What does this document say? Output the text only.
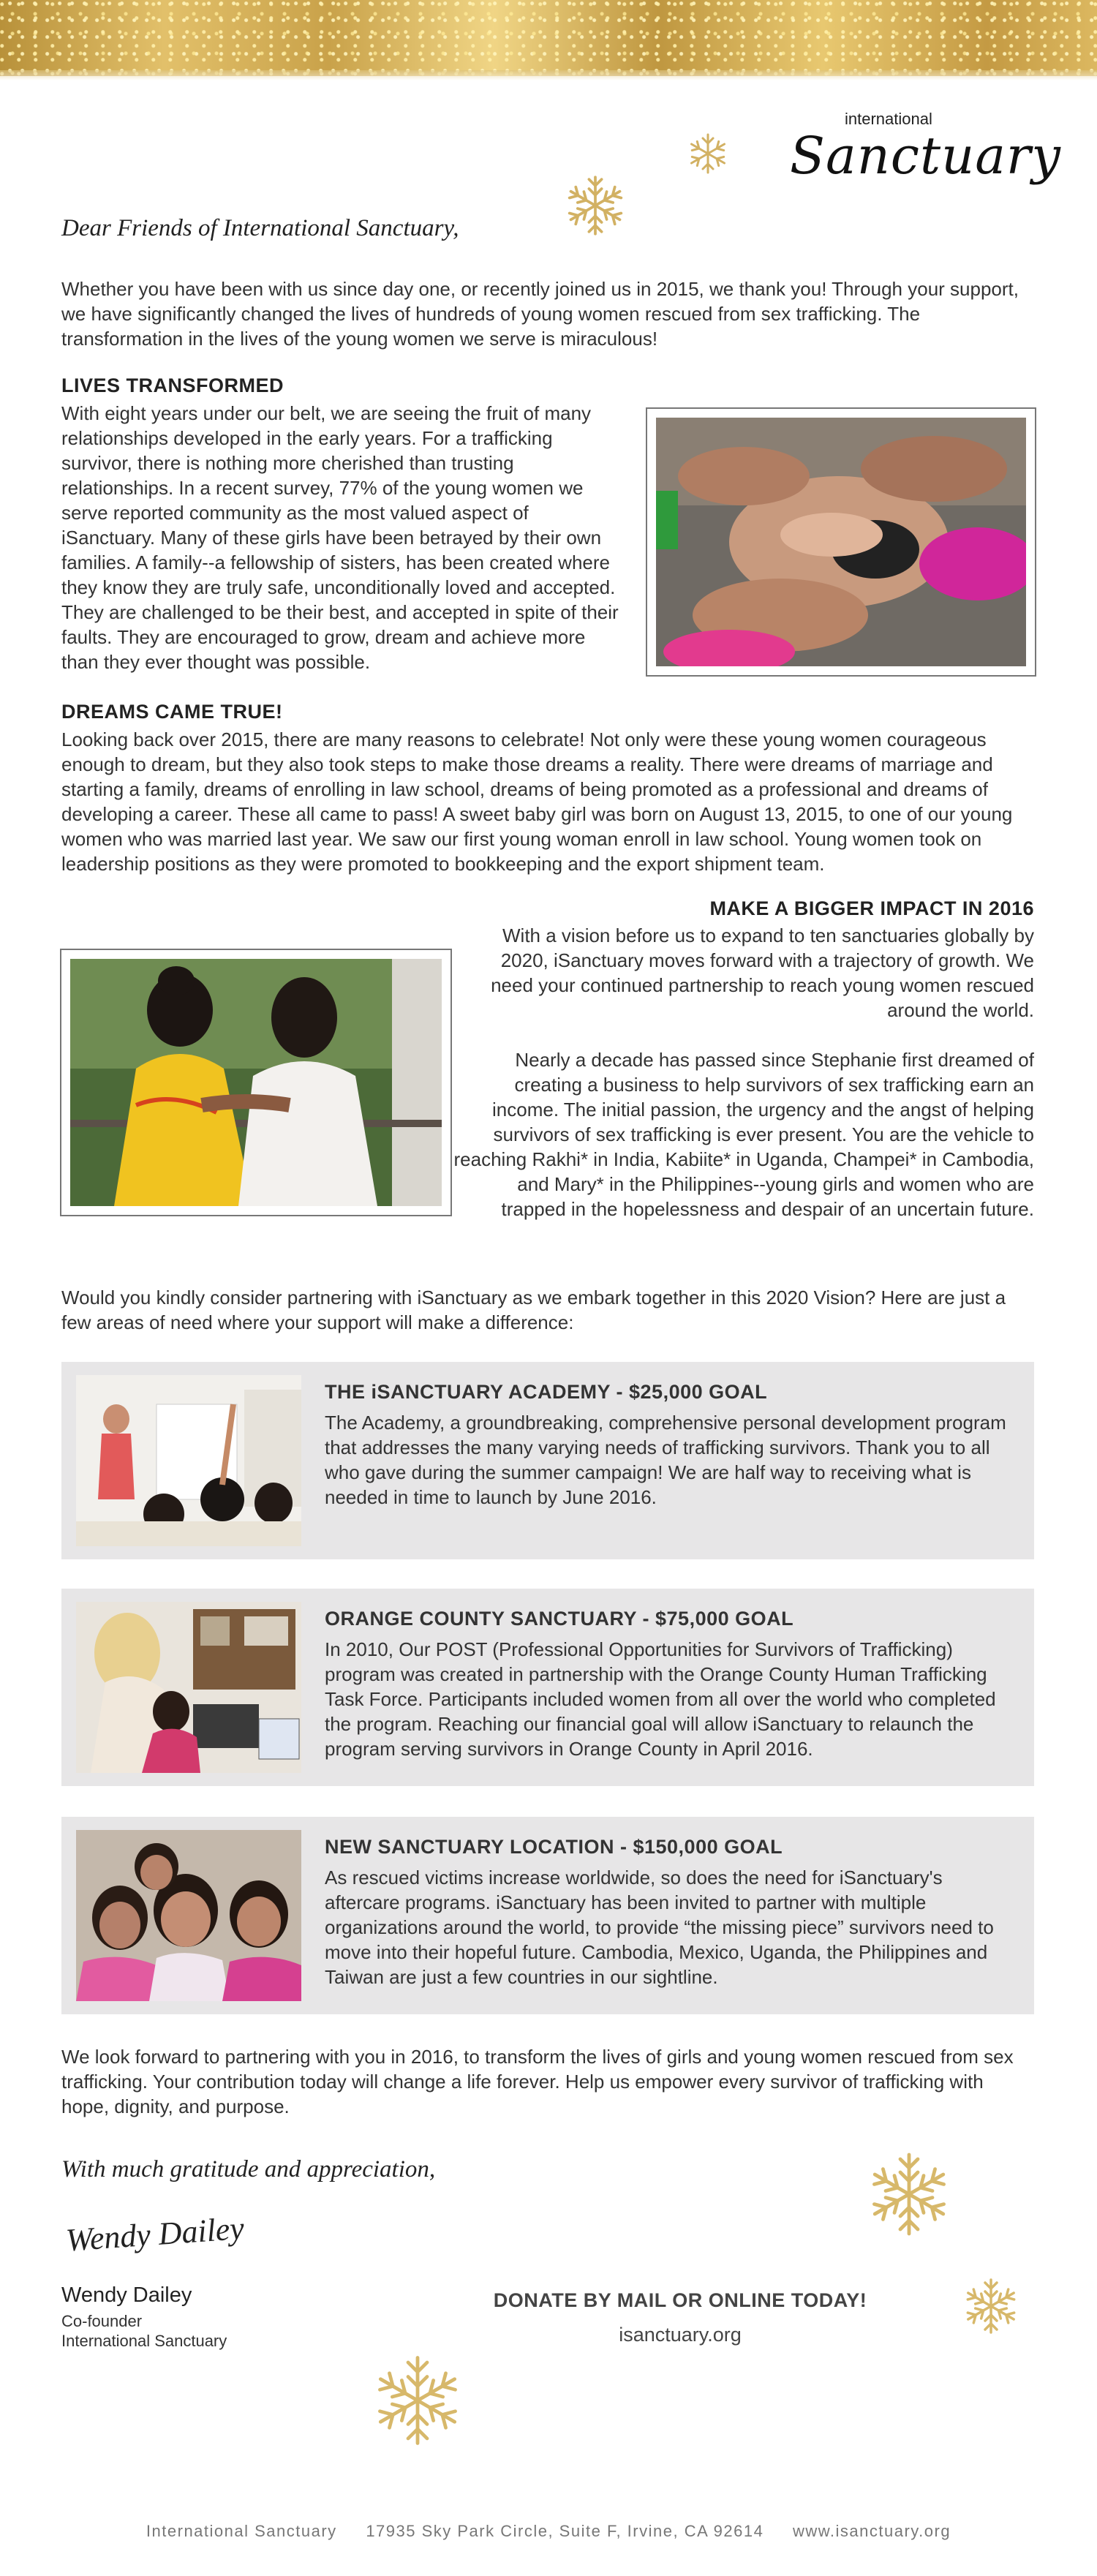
international
Sanctuary
Dear Friends of International Sanctuary,

Whether you have been with us since day one, or recently joined us in 2015, we thank you! Through your support, we have significantly changed the lives of hundreds of young women rescued from sex trafficking. The transformation in the lives of the young women we serve is miraculous!

LIVES TRANSFORMED

With eight years under our belt, we are seeing the fruit of many relationships developed in the early years. For a trafficking survivor, there is nothing more cherished than trusting relationships. In a recent survey, 77% of the young women we serve reported community as the most valued aspect of iSanctuary. Many of these girls have been betrayed by their own families. A family--a fellowship of sisters, has been created where they know they are truly safe, unconditionally loved and accepted. They are challenged to be their best, and accepted in spite of their faults. They are encouraged to grow, dream and achieve more than they ever thought was possible.

DREAMS CAME TRUE!

Looking back over 2015, there are many reasons to celebrate! Not only were these young women courageous enough to dream, but they also took steps to make those dreams a reality. There were dreams of marriage and starting a family, dreams of enrolling in law school, dreams of being promoted as a professional and dreams of developing a career. These all came to pass! A sweet baby girl was born on August 13, 2015, to one of our young women who was married last year. We saw our first young woman enroll in law school. Young women took on leadership positions as they were promoted to bookkeeping and the export shipment team.

MAKE A BIGGER IMPACT IN 2016

With a vision before us to expand to ten sanctuaries globally by 2020, iSanctuary moves forward with a trajectory of growth. We need your continued partnership to reach young women rescued around the world.

Nearly a decade has passed since Stephanie first dreamed of creating a business to help survivors of sex trafficking earn an income. The initial passion, the urgency and the angst of helping survivors of sex trafficking is ever present. You are the vehicle to reaching Rakhi* in India, Kabiite* in Uganda, Champei* in Cambodia, and Mary* in the Philippines--young girls and women who are trapped in the hopelessness and despair of an uncertain future.

Would you kindly consider partnering with iSanctuary as we embark together in this 2020 Vision? Here are just a few areas of need where your support will make a difference:

THE iSANCTUARY ACADEMY - $25,000 GOAL

The Academy, a groundbreaking, comprehensive personal development program that addresses the many varying needs of trafficking survivors. Thank you to all who gave during the summer campaign! We are half way to receiving what is needed in time to launch by June 2016.

ORANGE COUNTY SANCTUARY - $75,000 GOAL

In 2010, Our POST (Professional Opportunities for Survivors of Trafficking) program was created in partnership with the Orange County Human Trafficking Task Force. Participants included women from all over the world who completed the program. Reaching our financial goal will allow iSanctuary to relaunch the program serving survivors in Orange County in April 2016.

NEW SANCTUARY LOCATION - $150,000 GOAL

As rescued victims increase worldwide, so does the need for iSanctuary's aftercare programs. iSanctuary has been invited to partner with multiple organizations around the world, to provide “the missing piece” survivors need to move into their hopeful future. Cambodia, Mexico, Uganda, the Philippines and Taiwan are just a few countries in our sightline.

We look forward to partnering with you in 2016, to transform the lives of girls and young women rescued from sex trafficking. Your contribution today will change a life forever. Help us empower every survivor of trafficking with hope, dignity, and purpose.

With much gratitude and appreciation,
Wendy Dailey
Wendy Dailey
Co-founder
International Sanctuary
DONATE BY MAIL OR ONLINE TODAY!
isanctuary.org
International Sanctuary 17935 Sky Park Circle, Suite F, Irvine, CA 92614 www.isanctuary.org
